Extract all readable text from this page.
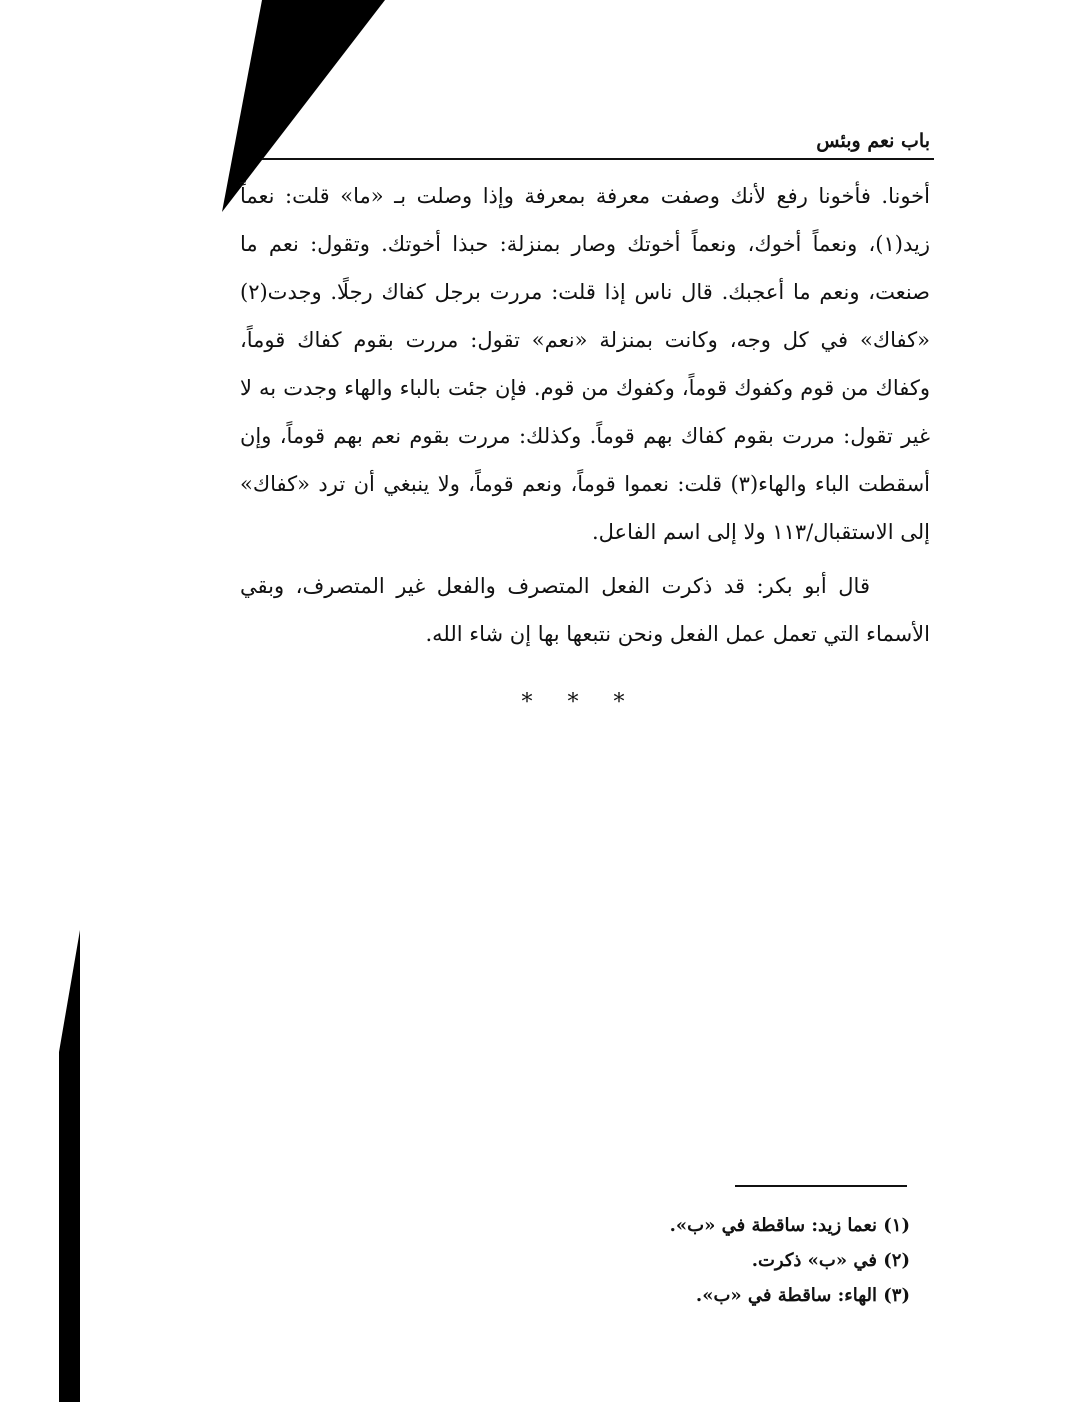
باب نعم وبئس

أخونا. فأخونا رفع لأنك وصفت معرفة بمعرفة وإذا وصلت بـ «ما» قلت: نعماً زيد(١)، ونعماً أخوك، ونعماً أخوتك وصار بمنزلة: حبذا أخوتك. وتقول: نعم ما صنعت، ونعم ما أعجبك. قال ناس إذا قلت: مررت برجل كفاك رجلًا. وجدت(٢) «كفاك» في كل وجه، وكانت بمنزلة «نعم» تقول: مررت بقوم كفاك قوماً، وكفاك من قوم وكفوك قوماً، وكفوك من قوم. فإن جئت بالباء والهاء وجدت به لا غير تقول: مررت بقوم كفاك بهم قوماً. وكذلك: مررت بقوم نعم بهم قوماً، وإن أسقطت الباء والهاء(٣) قلت: نعموا قوماً، ونعم قوماً، ولا ينبغي أن ترد «كفاك» إلى الاستقبال/١١٣ ولا إلى اسم الفاعل.

قال أبو بكر: قد ذكرت الفعل المتصرف والفعل غير المتصرف، وبقي الأسماء التي تعمل عمل الفعل ونحن نتبعها بها إن شاء الله.

* * *
(١) نعما زيد: ساقطة في «ب».
(٢) في «ب» ذكرت.
(٣) الهاء: ساقطة في «ب».
